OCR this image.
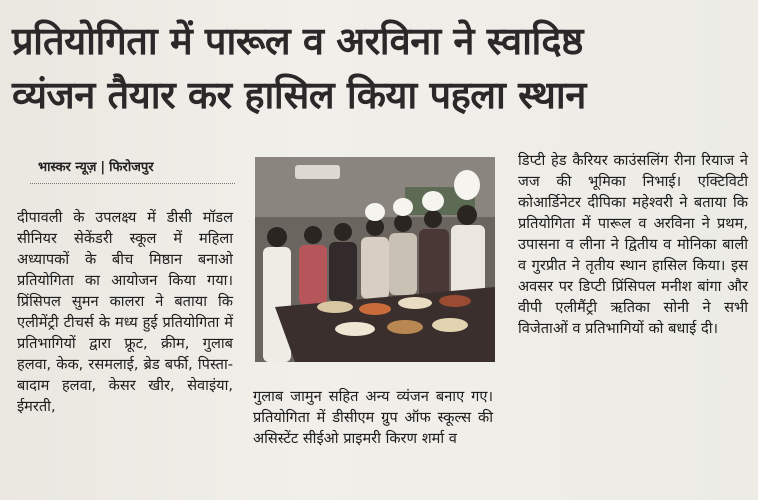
प्रतियोगिता में पारूल व अरविना ने स्वादिष्ठ
व्यंजन तैयार कर हासिल किया पहला स्थान
भास्कर न्यूज़ | फिरोजपुर
दीपावली के उपलक्ष्य में डीसी मॉडल सीनियर सेकेंडरी स्कूल में महिला अध्यापकों के बीच मिष्ठान बनाओ प्रतियोगिता का आयोजन किया गया। प्रिंसिपल सुमन कालरा ने बताया कि एलीमेंट्री टीचर्स के मध्य हुई प्रतियोगिता में प्रतिभागियों द्वारा फ्रूट, क्रीम, गुलाब हलवा, केक, रसमलाई, ब्रेड बर्फी, पिस्ता-बादाम हलवा, केसर खीर, सेवाइंया, ईमरती,
गुलाब जामुन सहित अन्य व्यंजन बनाए गए। प्रतियोगिता में डीसीएम ग्रुप ऑफ स्कूल्स की असिस्टेंट सीईओ प्राइमरी किरण शर्मा व
डिप्टी हेड कैरियर काउंसलिंग रीना रियाज ने जज की भूमिका निभाई। एक्टिविटी कोआर्डिनेटर दीपिका महेश्वरी ने बताया कि प्रतियोगिता में पारूल व अरविना ने प्रथम, उपासना व लीना ने द्वितीय व मोनिका बाली व गुरप्रीत ने तृतीय स्थान हासिल किया। इस अवसर पर डिप्टी प्रिंसिपल मनीश बांगा और वीपी एलीमैंट्री ऋतिका सोनी ने सभी विजेताओं व प्रतिभागियों को बधाई दी।
